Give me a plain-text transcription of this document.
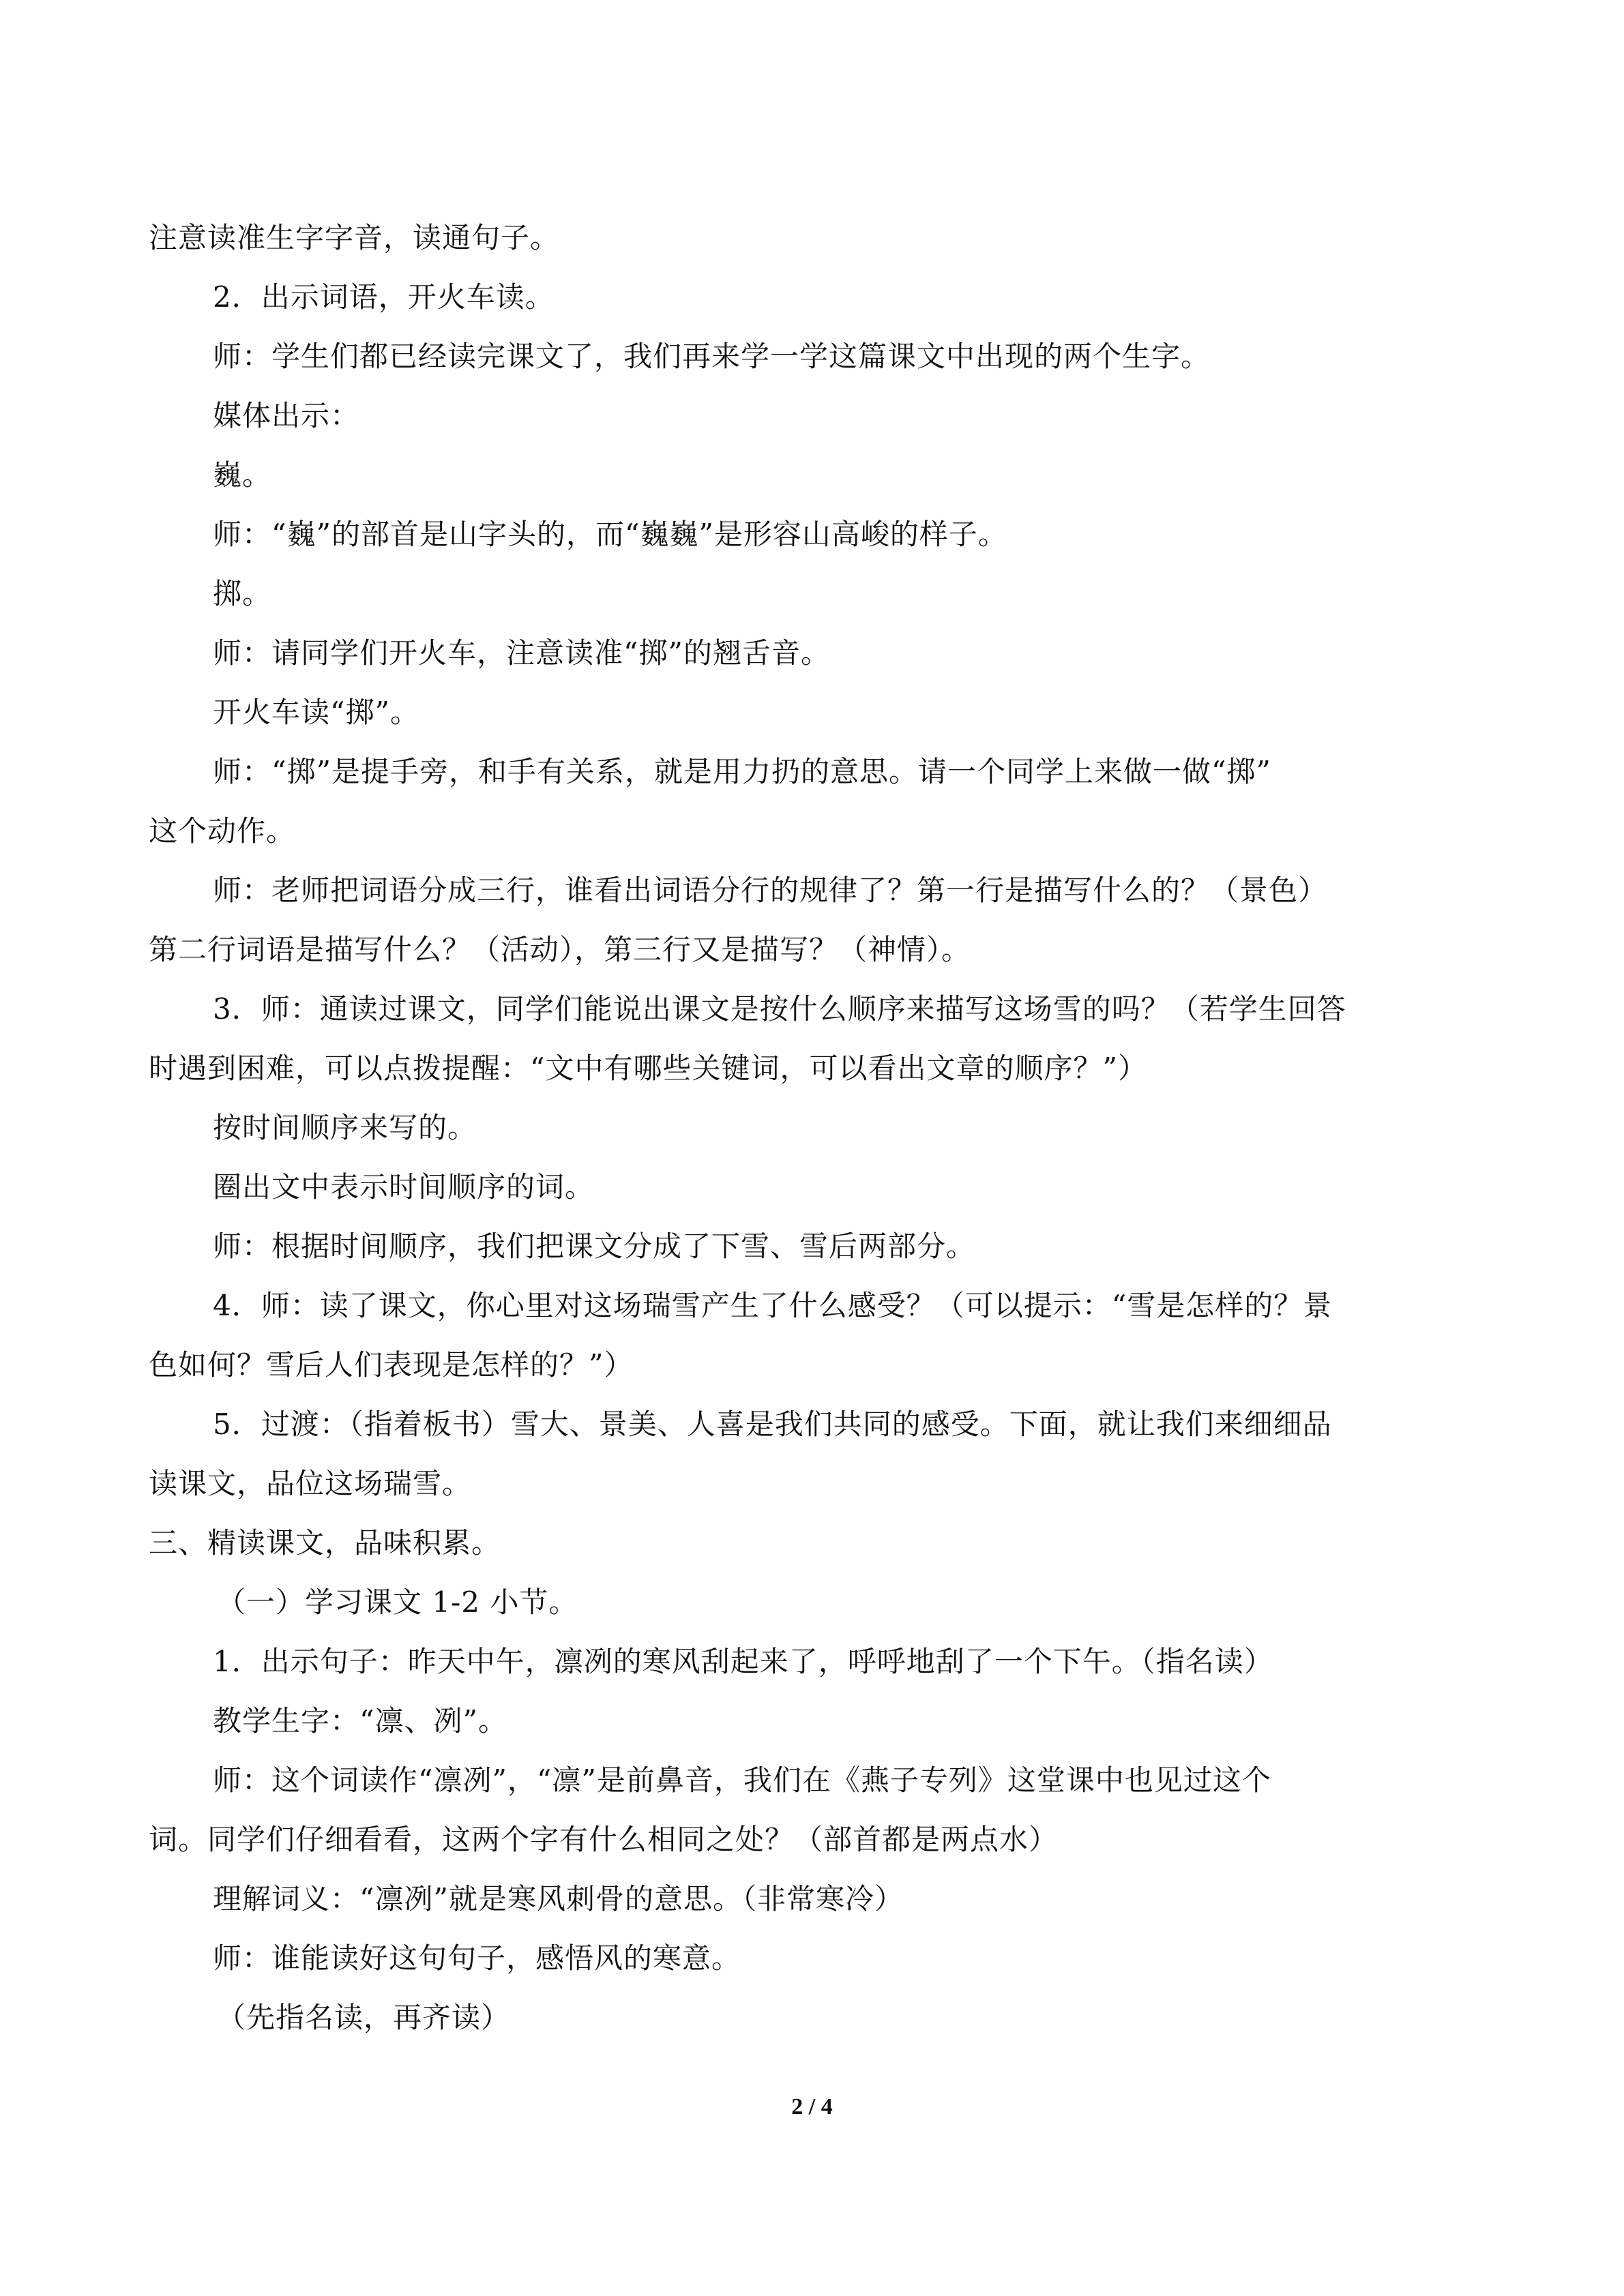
注意读准生字字音，读通句子。
2．出示词语，开火车读。
师：学生们都已经读完课文了，我们再来学一学这篇课文中出现的两个生字。
媒体出示：
巍。
师：“巍”的部首是山字头的，而“巍巍”是形容山高峻的样子。
掷。
师：请同学们开火车，注意读准“掷”的翘舌音。
开火车读“掷”。
师：“掷”是提手旁，和手有关系，就是用力扔的意思。请一个同学上来做一做“掷”
这个动作。
师：老师把词语分成三行，谁看出词语分行的规律了？第一行是描写什么的？（景色）
第二行词语是描写什么？（活动），第三行又是描写？（神情）。
3．师：通读过课文，同学们能说出课文是按什么顺序来描写这场雪的吗？（若学生回答
时遇到困难，可以点拨提醒：“文中有哪些关键词，可以看出文章的顺序？”）
按时间顺序来写的。
圈出文中表示时间顺序的词。
师：根据时间顺序，我们把课文分成了下雪、雪后两部分。
4．师：读了课文，你心里对这场瑞雪产生了什么感受？（可以提示：“雪是怎样的？景
色如何？雪后人们表现是怎样的？”）
5．过渡：（指着板书）雪大、景美、人喜是我们共同的感受。下面，就让我们来细细品
读课文，品位这场瑞雪。
三、精读课文，品味积累。
（一）学习课文 1-2 小节。
1．出示句子：昨天中午，凛冽的寒风刮起来了，呼呼地刮了一个下午。（指名读）
教学生字：“凛、冽”。
师：这个词读作“凛冽”，“凛”是前鼻音，我们在《燕子专列》这堂课中也见过这个
词。同学们仔细看看，这两个字有什么相同之处？（部首都是两点水）
理解词义：“凛冽”就是寒风刺骨的意思。（非常寒冷）
师：谁能读好这句句子，感悟风的寒意。
（先指名读，再齐读）
2 / 4
